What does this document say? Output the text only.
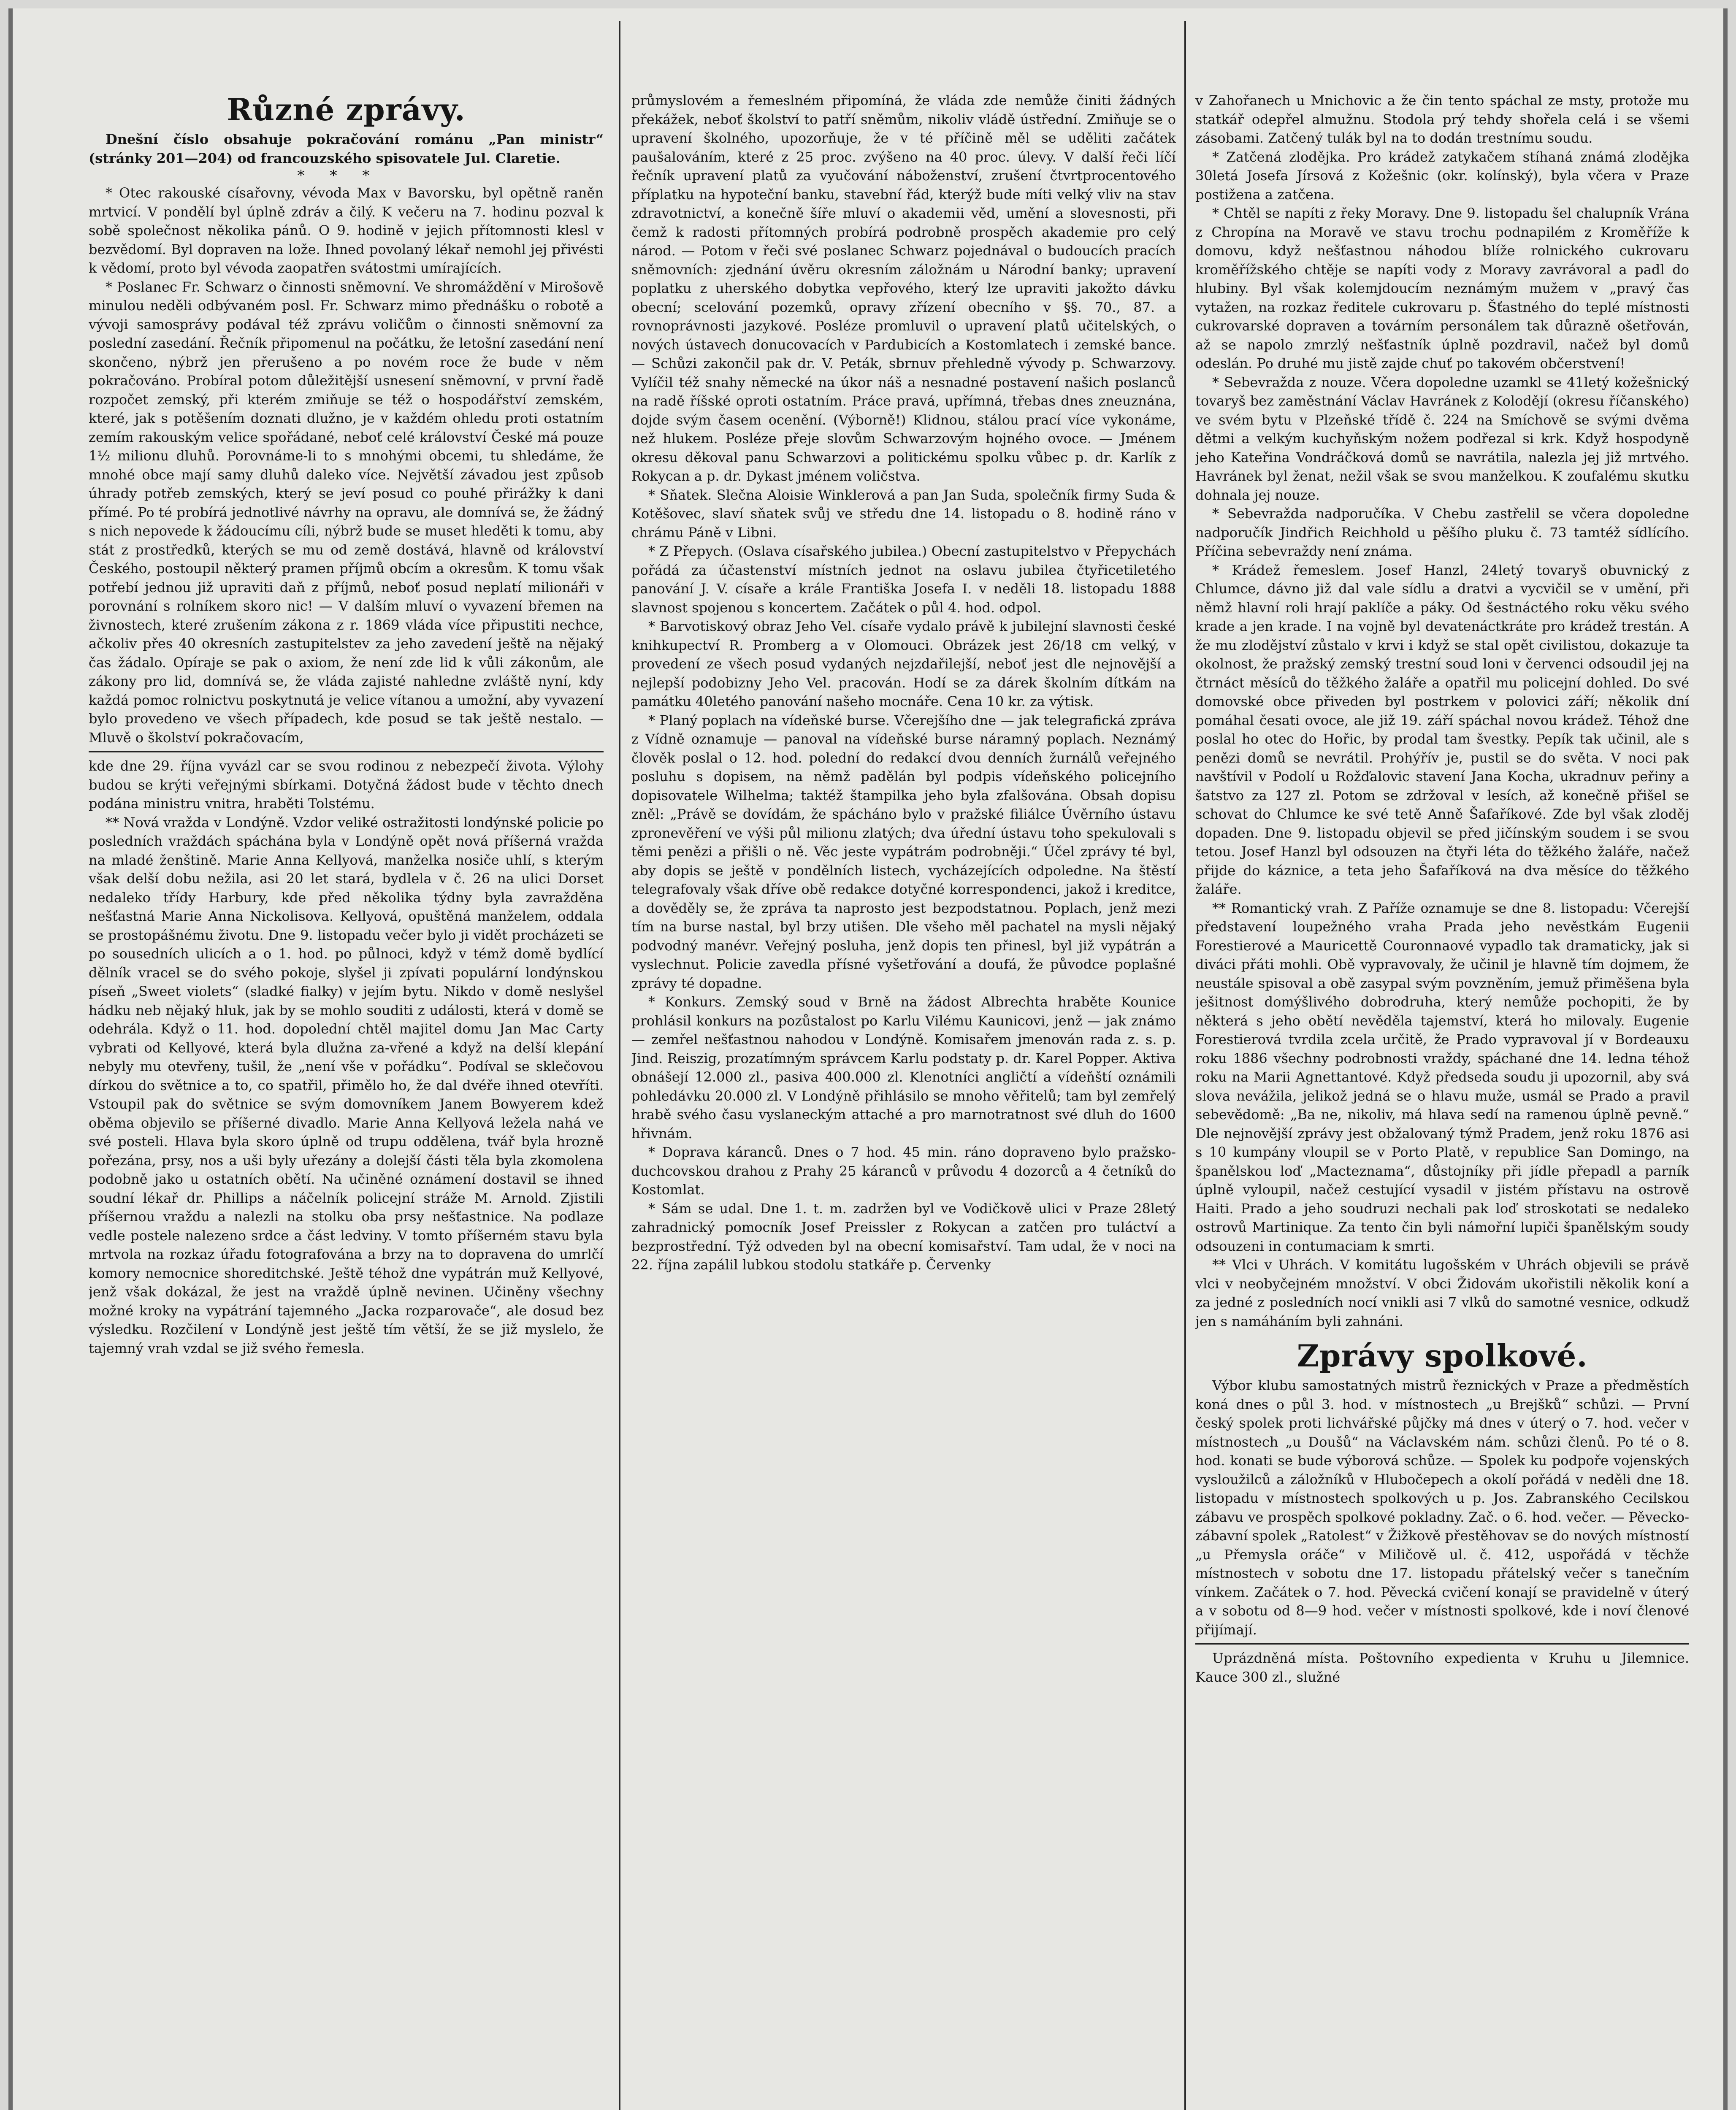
Různé zprávy.

Dnešní číslo obsahuje pokračování románu „Pan ministr“ (stránky 201—204) od francouzského spisovatele Jul. Claretie.

***

* Otec rakouské císařovny, vévoda Max v Bavorsku, byl opětně raněn mrtvicí. V pondělí byl úplně zdráv a čilý. K večeru na 7. hodinu pozval k sobě společnost několika pánů. O 9. hodině v jejich přítomnosti klesl v bezvědomí. Byl dopraven na lože. Ihned povolaný lékař nemohl jej přivésti k vědomí, proto byl vévoda zaopatřen svátostmi umírajících.

* Poslanec Fr. Schwarz o činnosti sněmovní. Ve shromáždění v Mirošově minulou neděli odbývaném posl. Fr. Schwarz mimo přednášku o robotě a vývoji samosprávy podával též zprávu voličům o činnosti sněmovní za poslední zasedání. Řečník připomenul na počátku, že letošní zasedání není skončeno, nýbrž jen přerušeno a po novém roce že bude v něm pokračováno. Probíral potom důležitější usnesení sněmovní, v první řadě rozpočet zemský, při kterém zmiňuje se též o hospodářství zemském, které, jak s potěšením doznati dlužno, je v každém ohledu proti ostatním zemím rakouským velice spořádané, neboť celé království České má pouze 1½ milionu dluhů. Porovnáme-li to s mnohými obcemi, tu shledáme, že mnohé obce mají samy dluhů daleko více. Největší závadou jest způsob úhrady potřeb zemských, který se jeví posud co pouhé přirážky k dani přímé. Po té probírá jednotlivé návrhy na opravu, ale domnívá se, že žádný s nich nepovede k žádoucímu cíli, nýbrž bude se muset hleděti k tomu, aby stát z prostředků, kterých se mu od země dostává, hlavně od království Českého, postoupil některý pramen příjmů obcím a okresům. K tomu však potřebí jednou již upraviti daň z příjmů, neboť posud neplatí milionáři v porovnání s rolníkem skoro nic! — V dalším mluví o vyvazení břemen na živnostech, které zrušením zákona z r. 1869 vláda více připustiti nechce, ačkoliv přes 40 okresních zastupitelstev za jeho zavedení ještě na nějaký čas žádalo. Opíraje se pak o axiom, že není zde lid k vůli zákonům, ale zákony pro lid, domnívá se, že vláda zajisté nahledne zvláště nyní, kdy každá pomoc rolnictvu poskytnutá je velice vítanou a umožní, aby vyvazení bylo provedeno ve všech případech, kde posud se tak ještě nestalo. — Mluvě o školství pokračovacím,

kde dne 29. října vyvázl car se svou rodinou z nebezpečí života. Výlohy budou se krýti veřejnými sbírkami. Dotyčná žádost bude v těchto dnech podána ministru vnitra, hraběti Tolstému.

** Nová vražda v Londýně. Vzdor veliké ostražitosti londýnské policie po posledních vraždách spáchána byla v Londýně opět nová příšerná vražda na mladé ženštině. Marie Anna Kellyová, manželka nosiče uhlí, s kterým však delší dobu nežila, asi 20 let stará, bydlela v č. 26 na ulici Dorset nedaleko třídy Harbury, kde před několika týdny byla zavražděna nešťastná Marie Anna Nickolisova. Kellyová, opuštěná manželem, oddala se prostopášnému životu. Dne 9. listopadu večer bylo ji vidět procházeti se po sousedních ulicích a o 1. hod. po půlnoci, když v témž domě bydlící dělník vracel se do svého pokoje, slyšel ji zpívati populární londýnskou píseň „Sweet violets“ (sladké fialky) v jejím bytu. Nikdo v domě neslyšel hádku neb nějaký hluk, jak by se mohlo souditi z události, která v domě se odehrála. Když o 11. hod. dopolední chtěl majitel domu Jan Mac Carty vybrati od Kellyové, která byla dlužna za-vřené a když na delší klepání nebyly mu otevřeny, tušil, že „není vše v pořádku“. Podíval se sklečovou dírkou do světnice a to, co spatřil, přimělo ho, že dal dvéře ihned otevříti. Vstoupil pak do světnice se svým domovníkem Janem Bowyerem kdež oběma objevilo se příšerné divadlo. Marie Anna Kellyová ležela nahá ve své posteli. Hlava byla skoro úplně od trupu oddělena, tvář byla hrozně pořezána, prsy, nos a uši byly uřezány a dolejší části těla byla zkomolena podobně jako u ostatních obětí. Na učiněné oznámení dostavil se ihned soudní lékař dr. Phillips a náčelník policejní stráže M. Arnold. Zjistili příšernou vraždu a nalezli na stolku oba prsy nešťastnice. Na podlaze vedle postele nalezeno srdce a část ledviny. V tomto příšerném stavu byla mrtvola na rozkaz úřadu fotografována a brzy na to dopravena do umrlčí komory nemocnice shoreditchské. Ještě téhož dne vypátrán muž Kellyové, jenž však dokázal, že jest na vraždě úplně nevinen. Učiněny všechny možné kroky na vypátrání tajemného „Jacka rozparovače“, ale dosud bez výsledku. Rozčilení v Londýně jest ještě tím větší, že se již myslelo, že tajemný vrah vzdal se již svého řemesla.

průmyslovém a řemeslném připomíná, že vláda zde nemůže činiti žádných překážek, neboť školství to patří sněmům, nikoliv vládě ústřední. Zmiňuje se o upravení školného, upozorňuje, že v té příčině měl se uděliti začátek paušalováním, které z 25 proc. zvýšeno na 40 proc. úlevy. V další řeči líčí řečník upravení platů za vyučování náboženství, zrušení čtvrtprocentového příplatku na hypoteční banku, stavební řád, kterýž bude míti velký vliv na stav zdravotnictví, a konečně šíře mluví o akademii věd, umění a slovesnosti, při čemž k radosti přítomných probírá podrobně prospěch akademie pro celý národ. — Potom v řeči své poslanec Schwarz pojednával o budoucích pracích sněmovních: zjednání úvěru okresním záložnám u Národní banky; upravení poplatku z uherského dobytka vepřového, který lze upraviti jakožto dávku obecní; scelování pozemků, opravy zřízení obecního v §§. 70., 87. a rovnoprávnosti jazykové. Posléze promluvil o upravení platů učitelských, o nových ústavech donucovacích v Pardubicích a Kostomlatech i zemské bance. — Schůzi zakončil pak dr. V. Peták, sbrnuv přehledně vývody p. Schwarzovy. Vylíčil též snahy německé na úkor náš a nesnadné postavení našich poslanců na radě říšské oproti ostatním. Práce pravá, upřímná, třebas dnes zneuznána, dojde svým časem ocenění. (Výborně!) Klidnou, stálou prací více vykonáme, než hlukem. Posléze přeje slovům Schwarzovým hojného ovoce. — Jménem okresu děkoval panu Schwarzovi a politickému spolku vůbec p. dr. Karlík z Rokycan a p. dr. Dykast jménem voličstva.

* Sňatek. Slečna Aloisie Winklerová a pan Jan Suda, společník firmy Suda & Kotěšovec, slaví sňatek svůj ve středu dne 14. listopadu o 8. hodině ráno v chrámu Páně v Libni.

* Z Přepych. (Oslava císařského jubilea.) Obecní zastupitelstvo v Přepychách pořádá za účastenství místních jednot na oslavu jubilea čtyřicetiletého panování J. V. císaře a krále Františka Josefa I. v neděli 18. listopadu 1888 slavnost spojenou s koncertem. Začátek o půl 4. hod. odpol.

* Barvotiskový obraz Jeho Vel. císaře vydalo právě k jubilejní slavnosti české knihkupectví R. Promberg a v Olomouci. Obrázek jest 26/18 cm velký, v provedení ze všech posud vydaných nejzdařilejší, neboť jest dle nejnovější a nejlepší podobizny Jeho Vel. pracován. Hodí se za dárek školním dítkám na památku 40letého panování našeho mocnáře. Cena 10 kr. za výtisk.

* Planý poplach na vídeňské burse. Včerejšího dne — jak telegrafická zpráva z Vídně oznamuje — panoval na vídeňské burse náramný poplach. Neznámý člověk poslal o 12. hod. polední do redakcí dvou denních žurnálů veřejného posluhu s dopisem, na němž padělán byl podpis vídeňského policejního dopisovatele Wilhelma; taktéž štampilka jeho byla zfalšována. Obsah dopisu zněl: „Právě se dovídám, že spácháno bylo v pražské filiálce Úvěrního ústavu zpronevěření ve výši půl milionu zlatých; dva úřední ústavu toho spekulovali s těmi penězi a přišli o ně. Věc jeste vypátrám podrobněji.“ Účel zprávy té byl, aby dopis se ještě v pondělních listech, vycházejících odpoledne. Na štěstí telegrafovaly však dříve obě redakce dotyčné korrespondenci, jakož i kreditce, a dověděly se, že zpráva ta naprosto jest bezpodstatnou. Poplach, jenž mezi tím na burse nastal, byl brzy utišen. Dle všeho měl pachatel na mysli nějaký podvodný manévr. Veřejný posluha, jenž dopis ten přinesl, byl již vypátrán a vyslechnut. Policie zavedla přísné vyšetřování a doufá, že původce poplašné zprávy té dopadne.

* Konkurs. Zemský soud v Brně na žádost Albrechta hraběte Kounice prohlásil konkurs na pozůstalost po Karlu Vilému Kaunicovi, jenž — jak známo — zemřel nešťastnou nahodou v Londýně. Komisařem jmenován rada z. s. p. Jind. Reiszig, prozatímným správcem Karlu podstaty p. dr. Karel Popper. Aktiva obnášejí 12.000 zl., pasiva 400.000 zl. Klenotníci angličtí a vídeňští oznámili pohledávku 20.000 zl. V Londýně přihlásilo se mnoho věřitelů; tam byl zemřelý hrabě svého času vyslaneckým attaché a pro marnotratnost své dluh do 1600 hřivnám.

* Doprava káranců. Dnes o 7 hod. 45 min. ráno dopraveno bylo pražsko-duchcovskou drahou z Prahy 25 káranců v průvodu 4 dozorců a 4 četníků do Kostomlat.

* Sám se udal. Dne 1. t. m. zadržen byl ve Vodičkově ulici v Praze 28letý zahradnický pomocník Josef Preissler z Rokycan a zatčen pro tuláctví a bezprostřední. Týž odveden byl na obecní komisařství. Tam udal, že v noci na 22. října zapálil lubkou stodolu statkáře p. Červenky

v Zahořanech u Mnichovic a že čin tento spáchal ze msty, protože mu statkář odepřel almužnu. Stodola prý tehdy shořela celá i se všemi zásobami. Zatčený tulák byl na to dodán trestnímu soudu.

* Zatčená zlodějka. Pro krádež zatykačem stíhaná známá zlodějka 30letá Josefa Jírsová z Kožešnic (okr. kolínský), byla včera v Praze postižena a zatčena.

* Chtěl se napíti z řeky Moravy. Dne 9. listopadu šel chalupník Vrána z Chropína na Moravě ve stavu trochu podnapilém z Kroměříže k domovu, když nešťastnou náhodou blíže rolnického cukrovaru kroměřížského chtěje se napíti vody z Moravy zavrávoral a padl do hlubiny. Byl však kolemjdoucím neznámým mužem v „pravý čas vytažen, na rozkaz ředitele cukrovaru p. Šťastného do teplé místnosti cukrovarské dopraven a továrním personálem tak důrazně ošetřován, až se napolo zmrzlý nešťastník úplně pozdravil, načež byl domů odeslán. Po druhé mu jistě zajde chuť po takovém občerstvení!

* Sebevražda z nouze. Včera dopoledne uzamkl se 41letý kožešnický tovaryš bez zaměstnání Václav Havránek z Kolodějí (okresu říčanského) ve svém bytu v Plzeňské třídě č. 224 na Smíchově se svými dvěma dětmi a velkým kuchyňským nožem podřezal si krk. Když hospodyně jeho Kateřina Vondráčková domů se navrátila, nalezla jej již mrtvého. Havránek byl ženat, nežil však se svou manželkou. K zoufalému skutku dohnala jej nouze.

* Sebevražda nadporučíka. V Chebu zastřelil se včera dopoledne nadporučík Jindřich Reichhold u pěšího pluku č. 73 tamtéž sídlícího. Příčina sebevraždy není známa.

* Krádež řemeslem. Josef Hanzl, 24letý tovaryš obuvnický z Chlumce, dávno již dal vale sídlu a dratvi a vycvičil se v umění, při němž hlavní roli hrají paklíče a páky. Od šestnáctého roku věku svého krade a jen krade. I na vojně byl devatenáctkráte pro krádež trestán. A že mu zlodějství zůstalo v krvi i když se stal opět civilistou, dokazuje ta okolnost, že pražský zemský trestní soud loni v červenci odsoudil jej na čtrnáct měsíců do těžkého žaláře a opatřil mu policejní dohled. Do své domovské obce přiveden byl postrkem v polovici září; několik dní pomáhal česati ovoce, ale již 19. září spáchal novou krádež. Téhož dne poslal ho otec do Hořic, by prodal tam švestky. Pepík tak učinil, ale s penězi domů se nevrátil. Prohýřív je, pustil se do světa. V noci pak navštívil v Podolí u Rožďalovic stavení Jana Kocha, ukradnuv peřiny a šatstvo za 127 zl. Potom se zdržoval v lesích, až konečně přišel se schovat do Chlumce ke své tetě Anně Šafaříkové. Zde byl však zloděj dopaden. Dne 9. listopadu objevil se před jičínským soudem i se svou tetou. Josef Hanzl byl odsouzen na čtyři léta do těžkého žaláře, načež přijde do káznice, a teta jeho Šafaříková na dva měsíce do těžkého žaláře.

** Romantický vrah. Z Paříže oznamuje se dne 8. listopadu: Včerejší představení loupežného vraha Prada jeho nevěstkám Eugenii Forestierové a Mauricettě Couronnaové vypadlo tak dramaticky, jak si diváci přáti mohli. Obě vypravovaly, že učinil je hlavně tím dojmem, že neustále spisoval a obě zasypal svým povzněním, jemuž přiměšena byla ješitnost domýšlivého dobrodruha, který nemůže pochopiti, že by některá s jeho obětí nevěděla tajemství, která ho milovaly. Eugenie Forestierová tvrdila zcela určitě, že Prado vypravoval jí v Bordeauxu roku 1886 všechny podrobnosti vraždy, spáchané dne 14. ledna téhož roku na Marii Agnettantové. Když předseda soudu ji upozornil, aby svá slova nevážila, jelikož jedná se o hlavu muže, usmál se Prado a pravil sebevědomě: „Ba ne, nikoliv, má hlava sedí na ramenou úplně pevně.“ Dle nejnovější zprávy jest obžalovaný týmž Pradem, jenž roku 1876 asi s 10 kumpány vloupil se v Porto Platě, v republice San Domingo, na španělskou loď „Macteznama“, důstojníky při jídle přepadl a parník úplně vyloupil, načež cestující vysadil v jistém přístavu na ostrově Haiti. Prado a jeho soudruzi nechali pak loď stroskotati se nedaleko ostrovů Martinique. Za tento čin byli námořní lupiči španělským soudy odsouzeni in contumaciam k smrti.

** Vlci v Uhrách. V komitátu lugošském v Uhrách objevili se právě vlci v neobyčejném množství. V obci Židovám ukořistili několik koní a za jedné z posledních nocí vnikli asi 7 vlků do samotné vesnice, odkudž jen s namáháním byli zahnáni.

Zprávy spolkové.

Výbor klubu samostatných mistrů řeznických v Praze a předměstích koná dnes o půl 3. hod. v místnostech „u Brejšků“ schůzi. — První český spolek proti lichvářské půjčky má dnes v úterý o 7. hod. večer v místnostech „u Doušů“ na Václavském nám. schůzi členů. Po té o 8. hod. konati se bude výborová schůze. — Spolek ku podpoře vojenských vysloužilců a záložníků v Hlubočepech a okolí pořádá v neděli dne 18. listopadu v místnostech spolkových u p. Jos. Zabranského Cecilskou zábavu ve prospěch spolkové pokladny. Zač. o 6. hod. večer. — Pěvecko-zábavní spolek „Ratolest“ v Žižkově přestěhovav se do nových místností „u Přemysla oráče“ v Miličově ul. č. 412, uspořádá v těchže místnostech v sobotu dne 17. listopadu přátelský večer s tanečním vínkem. Začátek o 7. hod. Pěvecká cvičení konají se pravidelně v úterý a v sobotu od 8—9 hod. večer v místnosti spolkové, kde i noví členové přijímají.

Uprázdněná místa. Poštovního expedienta v Kruhu u Jilemnice. Kauce 300 zl., služné
